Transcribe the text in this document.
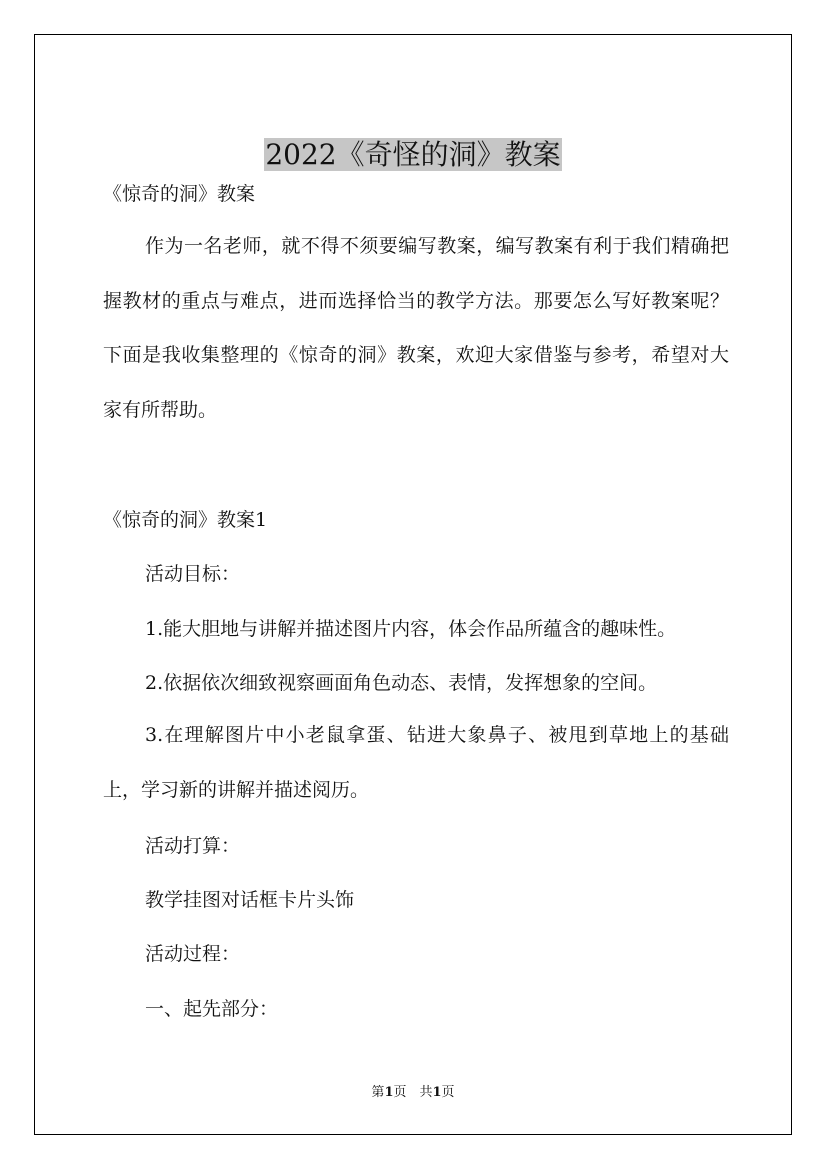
2022《奇怪的洞》教案
《惊奇的洞》教案
作为一名老师，就不得不须要编写教案，编写教案有利于我们精确把握教材的重点与难点，进而选择恰当的教学方法。那要怎么写好教案呢？下面是我收集整理的《惊奇的洞》教案，欢迎大家借鉴与参考，希望对大家有所帮助。
《惊奇的洞》教案1
活动目标：
1.能大胆地与讲解并描述图片内容，体会作品所蕴含的趣味性。
2.依据依次细致视察画面角色动态、表情，发挥想象的空间。
3.在理解图片中小老鼠拿蛋、钻进大象鼻子、被甩到草地上的基础上，学习新的讲解并描述阅历。
活动打算：
教学挂图对话框卡片头饰
活动过程：
一、起先部分：
第1页　共1页
